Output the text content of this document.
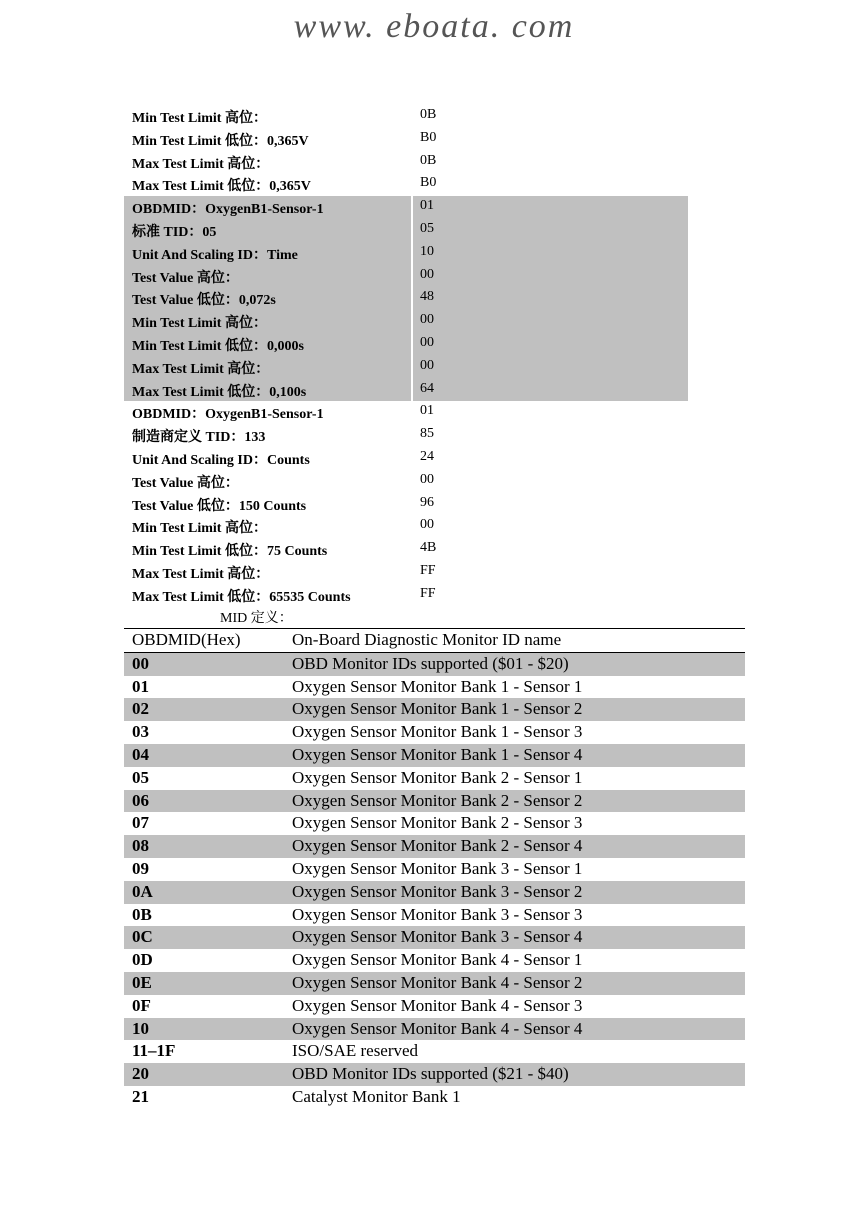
www. eboata. com
Min Test Limit 高位：	0B
Min Test Limit 低位：0,365V	B0
Max Test Limit 高位：	0B
Max Test Limit 低位：0,365V	B0
OBDMID：OxygenB1-Sensor-1	01
标准 TID：05	05
Unit And Scaling ID：Time	10
Test Value 高位：	00
Test Value 低位：0,072s	48
Min Test Limit 高位：	00
Min Test Limit 低位：0,000s	00
Max Test Limit 高位：	00
Max Test Limit 低位：0,100s	64
OBDMID：OxygenB1-Sensor-1	01
制造商定义 TID：133	85
Unit And Scaling ID：Counts	24
Test Value 高位：	00
Test Value 低位：150 Counts	96
Min Test Limit 高位：	00
Min Test Limit 低位：75 Counts	4B
Max Test Limit 高位：	FF
Max Test Limit 低位：65535 Counts	FF
MID 定义：
OBDMID(Hex)	On-Board Diagnostic Monitor ID name
00	OBD Monitor IDs supported ($01 - $20)
01	Oxygen Sensor Monitor Bank 1 - Sensor 1
02	Oxygen Sensor Monitor Bank 1 - Sensor 2
03	Oxygen Sensor Monitor Bank 1 - Sensor 3
04	Oxygen Sensor Monitor Bank 1 - Sensor 4
05	Oxygen Sensor Monitor Bank 2 - Sensor 1
06	Oxygen Sensor Monitor Bank 2 - Sensor 2
07	Oxygen Sensor Monitor Bank 2 - Sensor 3
08	Oxygen Sensor Monitor Bank 2 - Sensor 4
09	Oxygen Sensor Monitor Bank 3 - Sensor 1
0A	Oxygen Sensor Monitor Bank 3 - Sensor 2
0B	Oxygen Sensor Monitor Bank 3 - Sensor 3
0C	Oxygen Sensor Monitor Bank 3 - Sensor 4
0D	Oxygen Sensor Monitor Bank 4 - Sensor 1
0E	Oxygen Sensor Monitor Bank 4 - Sensor 2
0F	Oxygen Sensor Monitor Bank 4 - Sensor 3
10	Oxygen Sensor Monitor Bank 4 - Sensor 4
11–1F	ISO/SAE reserved
20	OBD Monitor IDs supported ($21 - $40)
21	Catalyst Monitor Bank 1
